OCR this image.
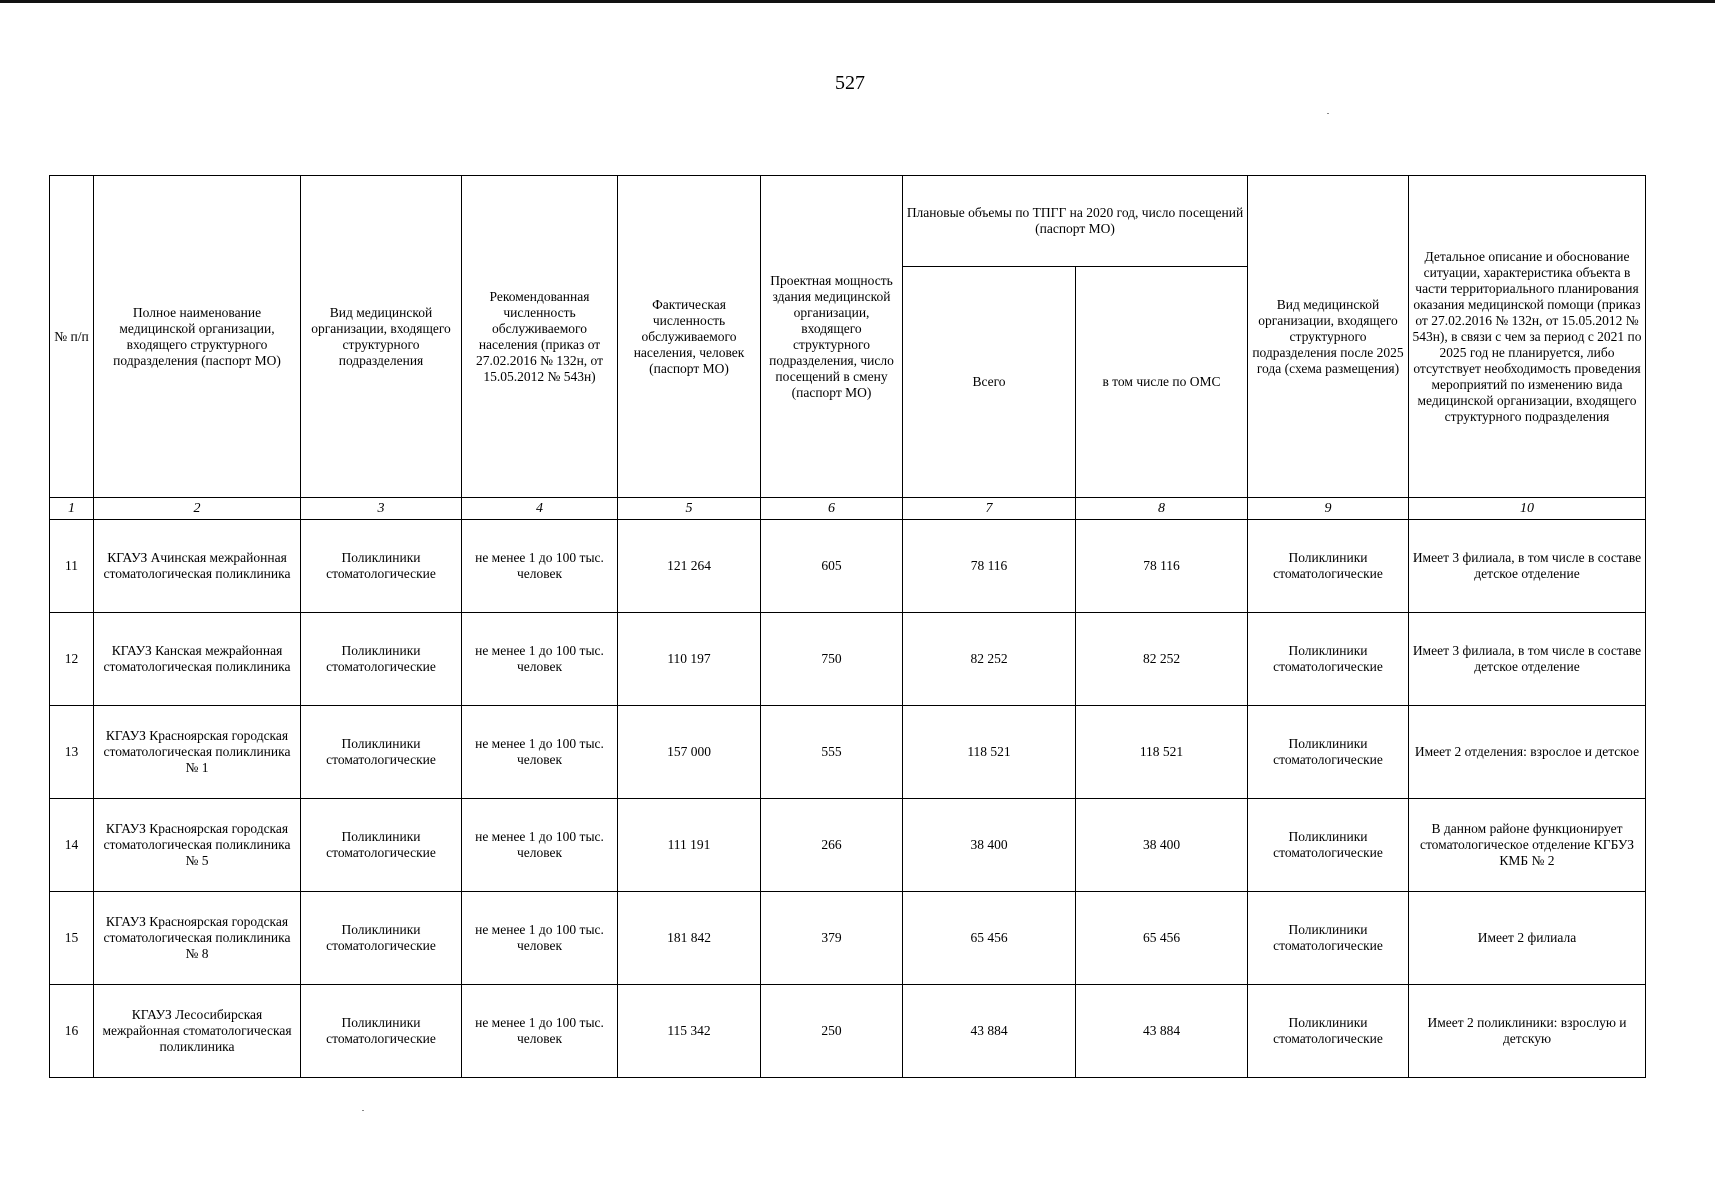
527
№ п/п	Полное наименование медицинской организации, входящего структурного подразделения (паспорт МО)	Вид медицинской организации, входящего структурного подразделения	Рекомендованная численность обслуживаемого населения (приказ от 27.02.2016 № 132н, от 15.05.2012 № 543н)	Фактическая численность обслуживаемого населения, человек (паспорт МО)	Проектная мощность здания медицинской организации, входящего структурного подразделения, число посещений в смену (паспорт МО)	Плановые объемы по ТПГГ на 2020 год, число посещений (паспорт МО)		Вид медицинской организации, входящего структурного подразделения после 2025 года (схема размещения)	Детальное описание и обоснование ситуации, характеристика объекта в части территориального планирования оказания медицинской помощи (приказ от 27.02.2016 № 132н, от 15.05.2012 № 543н), в связи с чем за период с 2021 по 2025 год не планируется, либо отсутствует необходимость проведения мероприятий по изменению вида медицинской организации, входящего структурного подразделения
						Всего	в том числе по ОМС		
1	2	3	4	5	6	7	8	9	10
11	КГАУЗ Ачинская межрайонная стоматологическая поликлиника	Поликлиники стоматологические	не менее 1 до 100 тыс. человек	121 264	605	78 116	78 116	Поликлиники стоматологические	Имеет 3 филиала, в том числе в составе детское отделение
12	КГАУЗ Канская межрайонная стоматологическая поликлиника	Поликлиники стоматологические	не менее 1 до 100 тыс. человек	110 197	750	82 252	82 252	Поликлиники стоматологические	Имеет 3 филиала, в том числе в составе детское отделение
13	КГАУЗ Красноярская городская стоматологическая поликлиника № 1	Поликлиники стоматологические	не менее 1 до 100 тыс. человек	157 000	555	118 521	118 521	Поликлиники стоматологические	Имеет 2 отделения: взрослое и детское
14	КГАУЗ Красноярская городская стоматологическая поликлиника № 5	Поликлиники стоматологические	не менее 1 до 100 тыс. человек	111 191	266	38 400	38 400	Поликлиники стоматологические	В данном районе функционирует стоматологическое отделение КГБУЗ КМБ № 2
15	КГАУЗ Красноярская городская стоматологическая поликлиника № 8	Поликлиники стоматологические	не менее 1 до 100 тыс. человек	181 842	379	65 456	65 456	Поликлиники стоматологические	Имеет 2 филиала
16	КГАУЗ Лесосибирская межрайонная стоматологическая поликлиника	Поликлиники стоматологические	не менее 1 до 100 тыс. человек	115 342	250	43 884	43 884	Поликлиники стоматологические	Имеет 2 поликлиники: взрослую и детскую
